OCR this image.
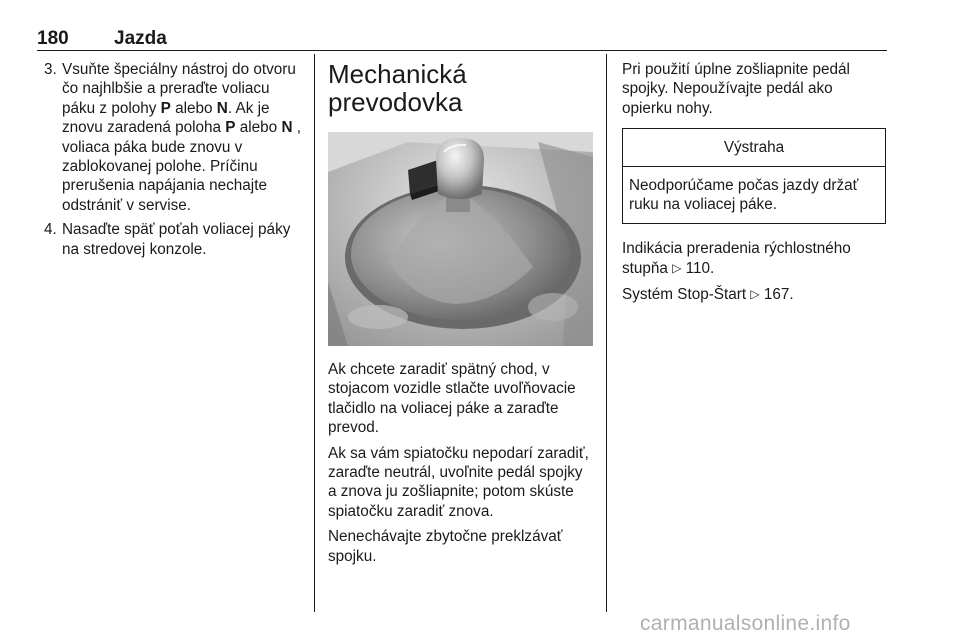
180 Jazda
3. Vsuňte špeciálny nástroj do otvoru čo najhlbšie a preraďte voliacu páku z polohy P alebo N. Ak je znovu zaradená poloha P alebo N , voliaca páka bude znovu v zablokovanej polohe. Príčinu prerušenia napájania nechajte odstrániť v servise.
4. Nasaďte späť poťah voliacej páky na stredovej konzole.
Mechanická prevodovka

Ak chcete zaradiť spätný chod, v stojacom vozidle stlačte uvoľňovacie tlačidlo na voliacej páke a zaraďte prevod.

Ak sa vám spiatočku nepodarí zaradiť, zaraďte neutrál, uvoľnite pedál spojky a znova ju zošliapnite; potom skúste spiatočku zaradiť znova.

Nenechávajte zbytočne preklzávať spojku.

Pri použití úplne zošliapnite pedál spojky. Nepoužívajte pedál ako opierku nohy.

Výstraha
Neodporúčame počas jazdy držať ruku na voliacej páke.

Indikácia preradenia rýchlostného stupňa ▷ 110.

Systém Stop-Štart ▷ 167.

carmanualsonline.info
